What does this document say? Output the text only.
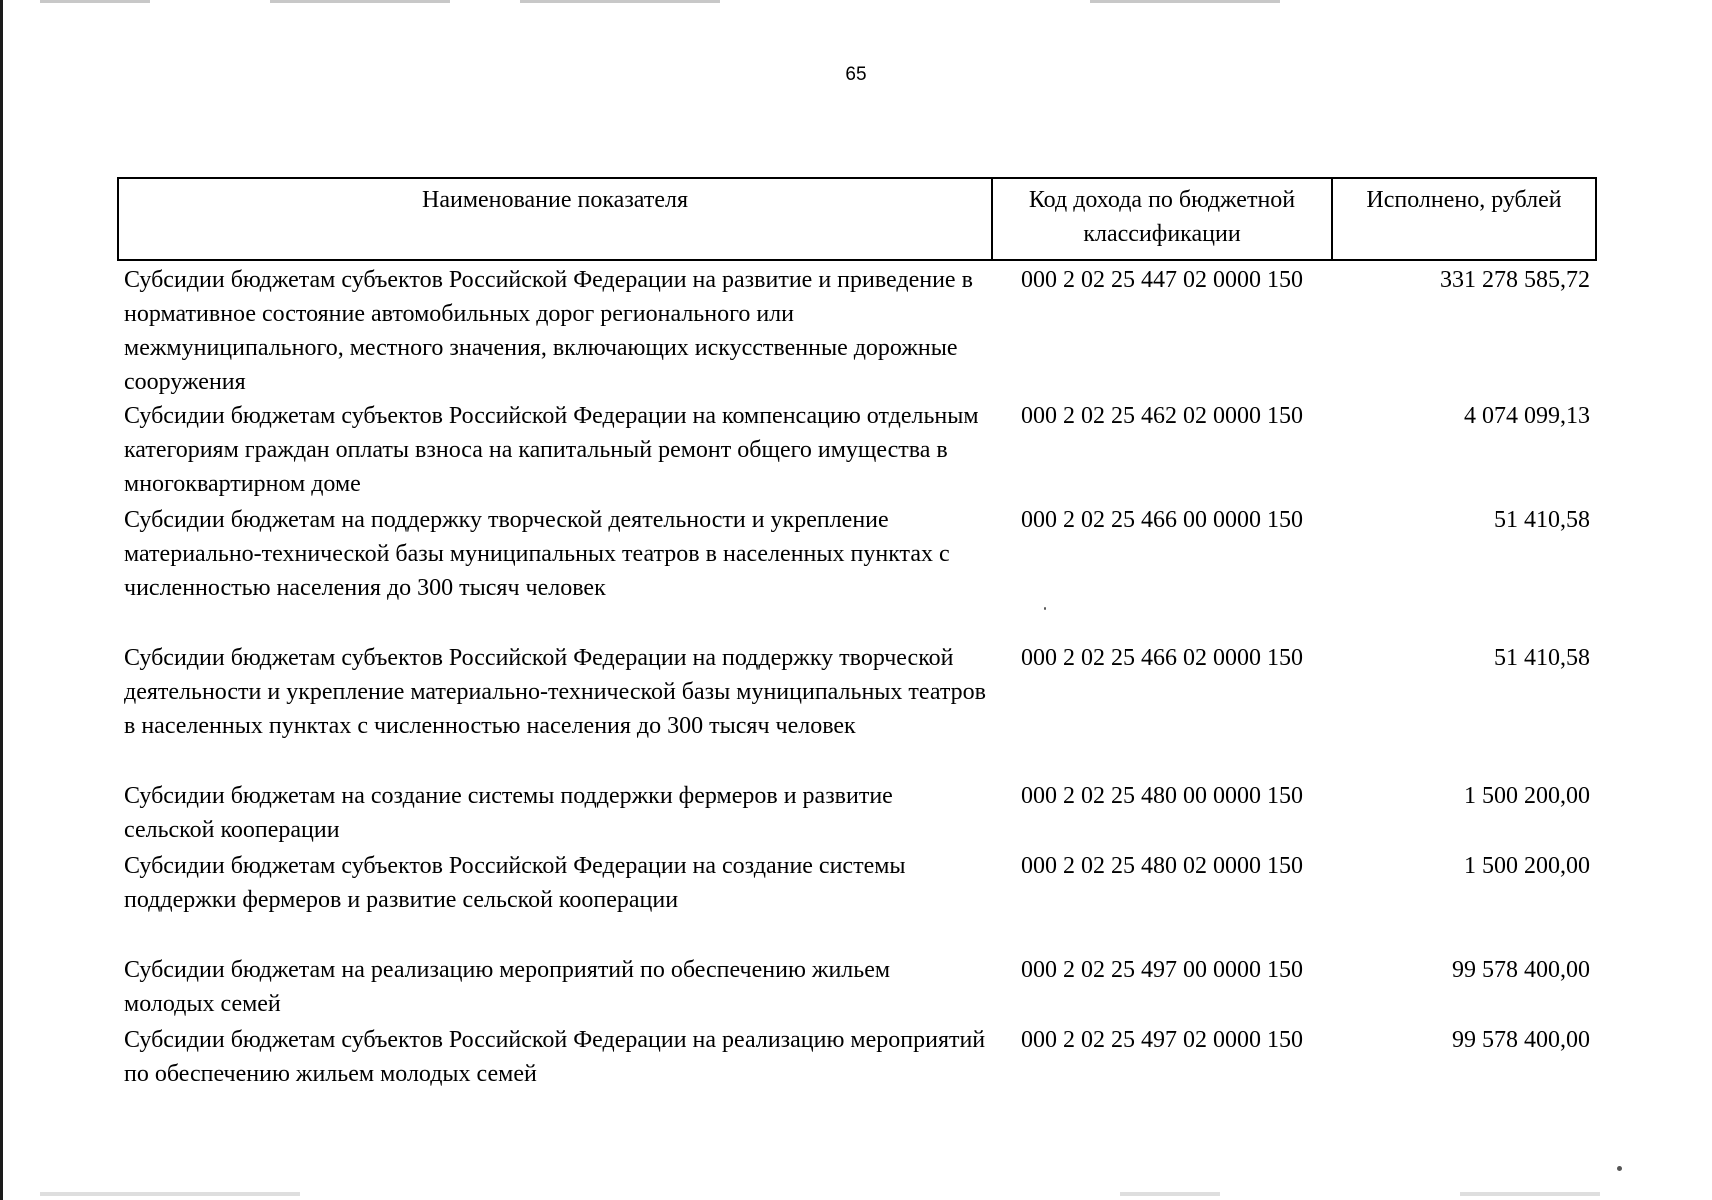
65
Наименование показателя	Код дохода по бюджетной классификации	Исполнено, рублей
Субсидии бюджетам субъектов Российской Федерации на развитие и приведение в нормативное состояние автомобильных дорог регионального или межмуниципального, местного значения, включающих искусственные дорожные сооружения	000 2 02 25 447 02 0000 150	331 278 585,72
Субсидии бюджетам субъектов Российской Федерации на компенсацию отдельным категориям граждан оплаты взноса на капитальный ремонт общего имущества в многоквартирном доме	000 2 02 25 462 02 0000 150	4 074 099,13
Субсидии бюджетам на поддержку творческой деятельности и укрепление материально-технической базы муниципальных театров в населенных пунктах с численностью населения до 300 тысяч человек	000 2 02 25 466 00 0000 150	51 410,58
Субсидии бюджетам субъектов Российской Федерации на поддержку творческой деятельности и укрепление материально-технической базы муниципальных театров в населенных пунктах с численностью населения до 300 тысяч человек	000 2 02 25 466 02 0000 150	51 410,58
Субсидии бюджетам на создание системы поддержки фермеров и развитие сельской кооперации	000 2 02 25 480 00 0000 150	1 500 200,00
Субсидии бюджетам субъектов Российской Федерации на создание системы поддержки фермеров и развитие сельской кооперации	000 2 02 25 480 02 0000 150	1 500 200,00
Субсидии бюджетам на реализацию мероприятий по обеспечению жильем молодых семей	000 2 02 25 497 00 0000 150	99 578 400,00
Субсидии бюджетам субъектов Российской Федерации на реализацию мероприятий по обеспечению жильем молодых семей	000 2 02 25 497 02 0000 150	99 578 400,00
